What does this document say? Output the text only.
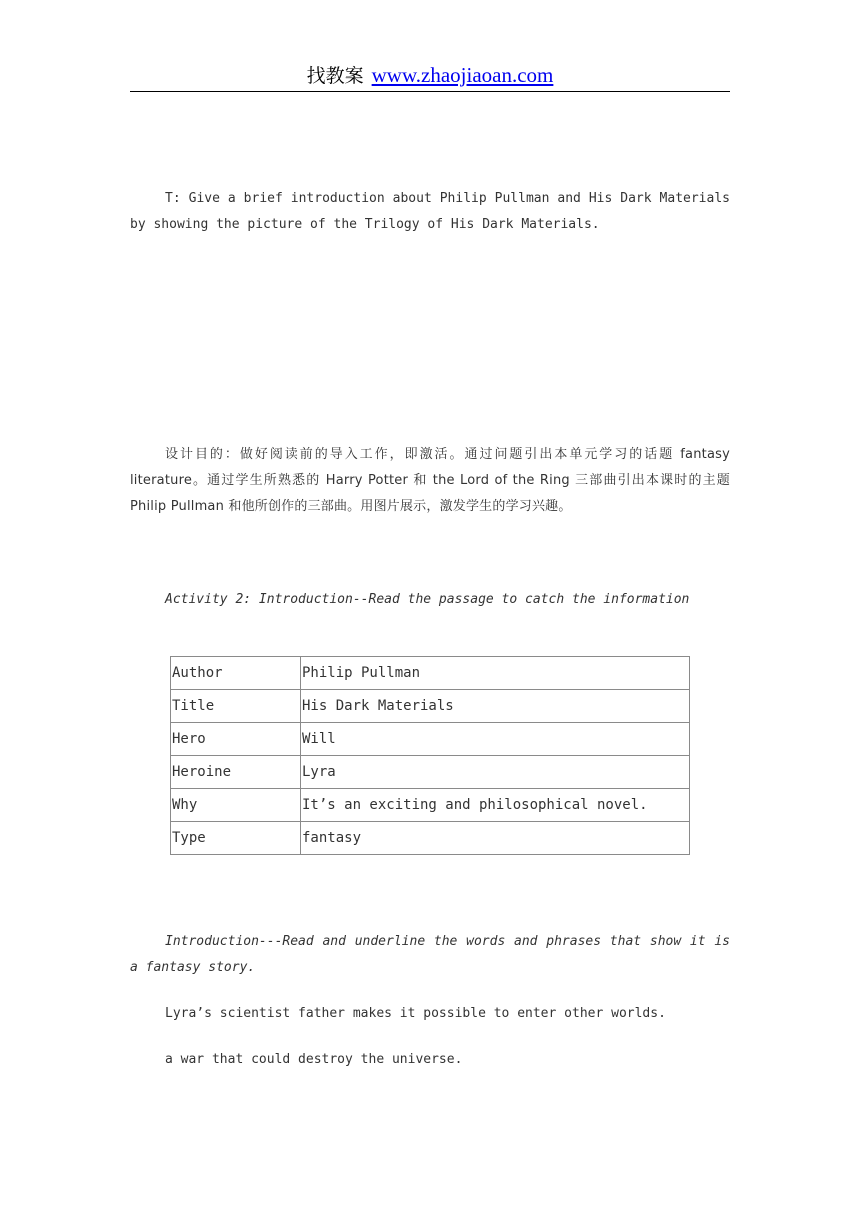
找教案 www.zhaojiaoan.com

T: Give a brief introduction about Philip Pullman and His Dark Materials by showing the picture of the Trilogy of His Dark Materials.

设计目的：做好阅读前的导入工作，即激活。通过问题引出本单元学习的话题 fantasy literature。通过学生所熟悉的 Harry Potter 和 the Lord of the Ring 三部曲引出本课时的主题 Philip Pullman 和他所创作的三部曲。用图片展示，激发学生的学习兴趣。

Activity 2: Introduction--Read the passage to catch the information

Author	Philip Pullman
Title	His Dark Materials
Hero	Will
Heroine	Lyra
Why	It’s an exciting and philosophical novel.
Type	fantasy

Introduction---Read and underline the words and phrases that show it is a fantasy story.

Lyra’s scientist father makes it possible to enter other worlds.

a war that could destroy the universe.
